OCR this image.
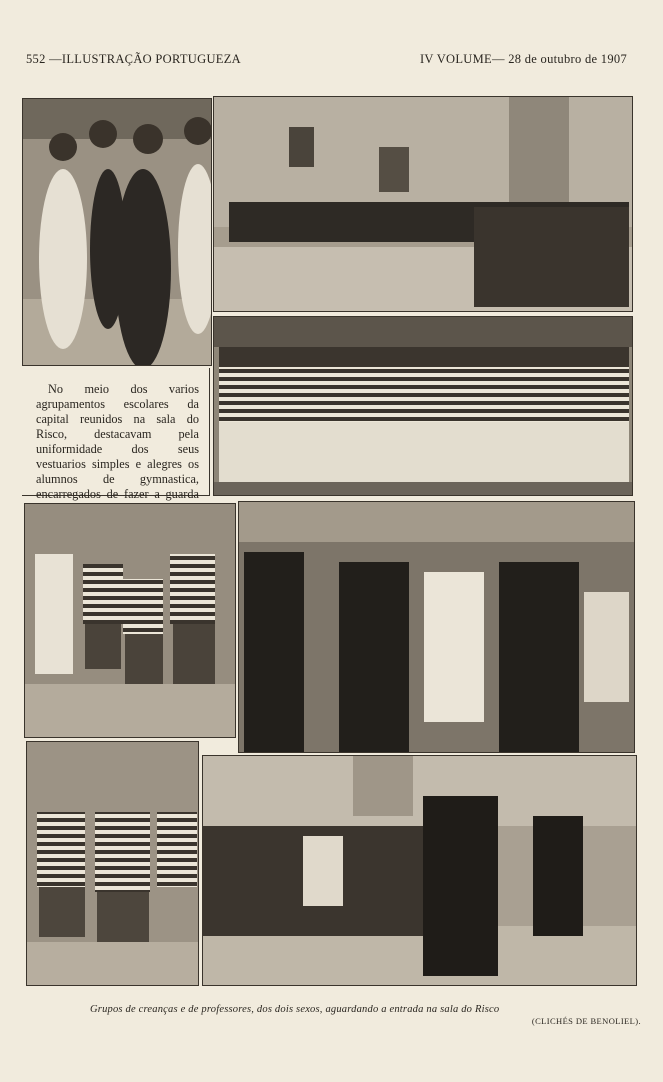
552 —ILLUSTRAÇÃO PORTUGUEZA	IV VOLUME— 28 de outubro de 1907

No meio dos varios agrupamentos escolares da capital reunidos na sala do Risco, destacavam pela uniformidade dos seus vestuarios simples e alegres os alumnos de gymnastica, encarregados de fazer a guarda

Grupos de creanças e de professores, dos dois sexos, aguardando a entrada na sala do Risco
(CLICHÉS DE BENOLIEL).
